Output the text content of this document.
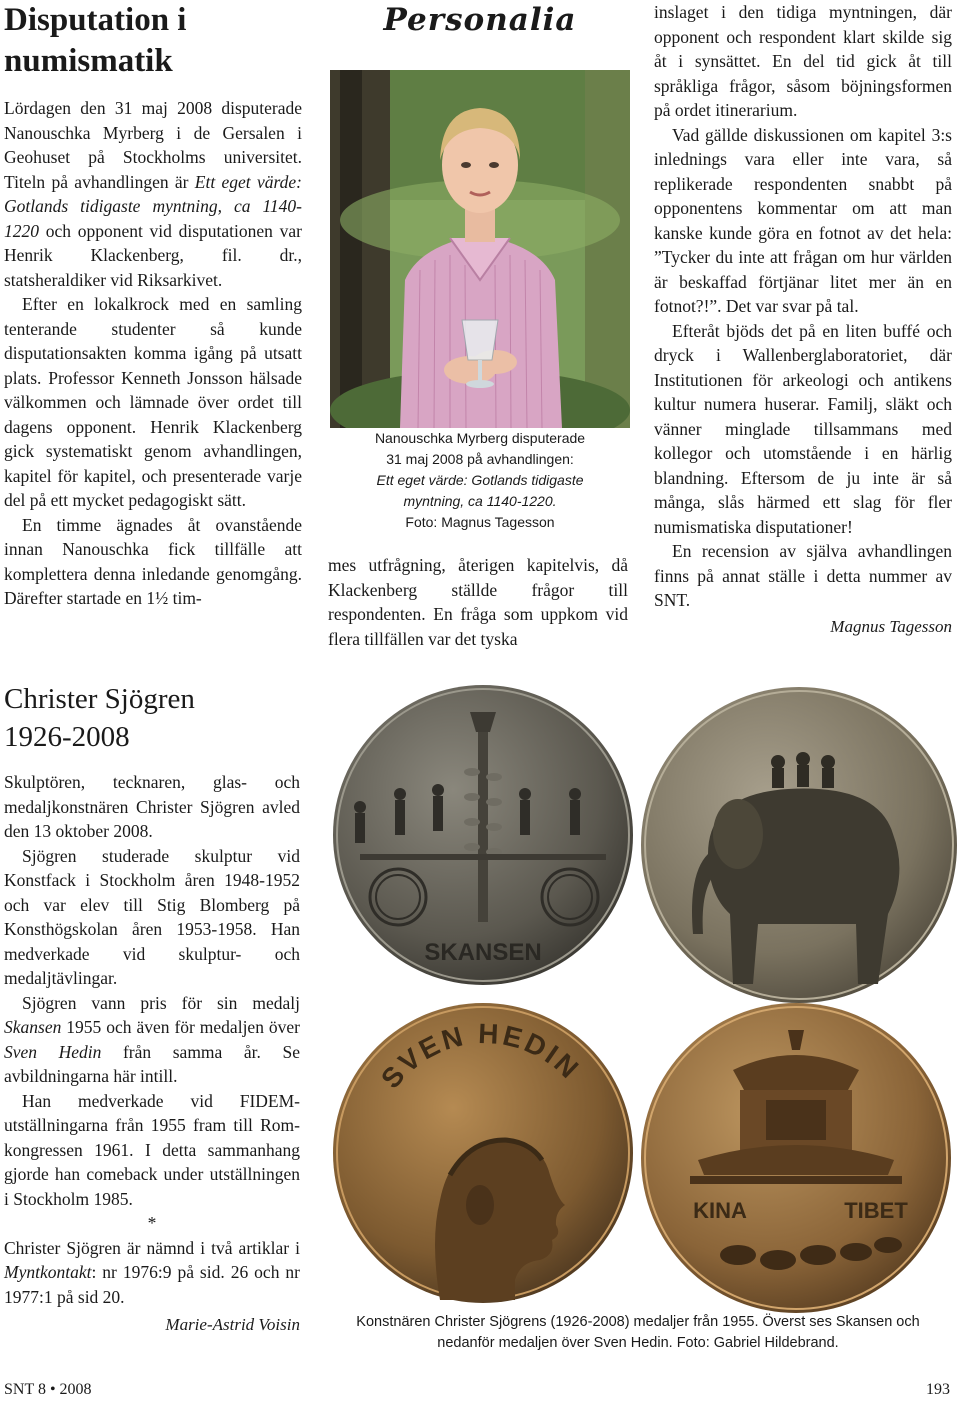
Disputation i numismatik

Lördagen den 31 maj 2008 disputerade Nanouschka Myrberg i de Gersalen i Geohuset på Stockholms universitet. Titeln på avhandlingen är Ett eget värde: Gotlands tidigaste myntning, ca 1140-1220 och opponent vid disputationen var Henrik Klackenberg, fil. dr., statsheraldiker vid Riksarkivet.

Efter en lokalkrock med en samling tenterande studenter så kunde disputationsakten komma igång på utsatt plats. Professor Kenneth Jonsson hälsade välkommen och lämnade över ordet till dagens opponent. Henrik Klackenberg gick systematiskt genom avhandlingen, kapitel för kapitel, och presenterade varje del på ett mycket pedagogiskt sätt.

En timme ägnades åt ovanstående innan Nanouschka fick tillfälle att komplettera denna inledande genomgång. Därefter startade en 1½ tim-

Personalia

Nanouschka Myrberg disputerade

31 maj 2008 på avhandlingen:

Ett eget värde: Gotlands tidigaste

myntning, ca 1140-1220.

Foto: Magnus Tagesson

mes utfrågning, återigen kapitelvis, då Klackenberg ställde frågor till respondenten. En fråga som uppkom vid flera tillfällen var det tyska

inslaget i den tidiga myntningen, där opponent och respondent klart skilde sig åt i synsättet. En del tid gick åt till språkliga frågor, såsom böjningsformen på ordet itinerarium.

Vad gällde diskussionen om kapitel 3:s inlednings vara eller inte vara, så replikerade respondenten snabbt på opponentens kommentar om att man kanske kunde göra en fotnot av det hela: ”Tycker du inte att frågan om hur världen är beskaffad förtjänar litet mer än en fotnot?!”. Det var svar på tal.

Efteråt bjöds det på en liten buffé och dryck i Wallenberglaboratoriet, där Institutionen för arkeologi och antikens kultur numera huserar. Familj, släkt och vänner minglade tillsammans med kollegor och utomstående i en härlig blandning. Eftersom de ju inte är så många, slås härmed ett slag för fler numismatiska disputationer!

En recension av själva avhandlingen finns på annat ställe i detta nummer av SNT.

Magnus Tagesson

Christer Sjögren
1926-2008

Skulptören, tecknaren, glas- och medaljkonstnären Christer Sjögren avled den 13 oktober 2008.

Sjögren studerade skulptur vid Konstfack i Stockholm åren 1948-1952 och var elev till Stig Blomberg på Konsthögskolan åren 1953-1958. Han medverkade vid skulptur- och medaljtävlingar.

Sjögren vann pris för sin medalj Skansen 1955 och även för medaljen över Sven Hedin från samma år. Se avbildningarna här intill.

Han medverkade vid FIDEM-utställningarna från 1955 fram till Rom-kongressen 1961. I detta sammanhang gjorde han comeback under utställningen i Stockholm 1985.

*

Christer Sjögren är nämnd i två artiklar i Myntkontakt: nr 1976:9 på sid. 26 och nr 1977:1 på sid 20.

Marie-Astrid Voisin

SKANSEN
SVEN HEDIN
KINA	TIBET

Konstnären Christer Sjögrens (1926-2008) medaljer från 1955. Överst ses Skansen och

nedanför medaljen över Sven Hedin. Foto: Gabriel Hildebrand.

SNT 8 • 2008	193
